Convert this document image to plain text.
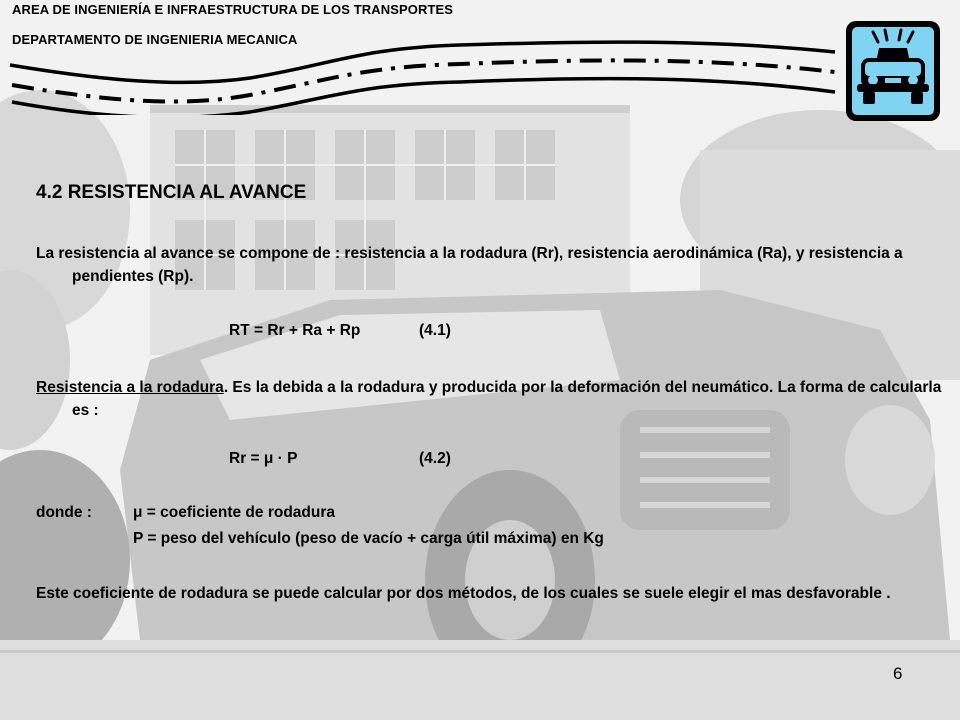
AREA DE INGENIERÍA E INFRAESTRUCTURA DE LOS TRANSPORTES
DEPARTAMENTO DE INGENIERIA MECANICA
4.2 RESISTENCIA AL AVANCE
La resistencia al avance se compone de : resistencia a la rodadura (Rr), resistencia aerodinámica (Ra), y resistencia a pendientes (Rp).
RT = Rr + Ra + Rp	(4.1)
Resistencia a la rodadura. Es la debida a la rodadura y producida por la deformación del neumático. La forma de calcularla es :
Rr = μ · P	(4.2)
donde :	μ = coeficiente de rodadura
P = peso del vehículo (peso de vacío + carga útil máxima) en Kg
Este coeficiente de rodadura se puede calcular por dos métodos, de los cuales se suele elegir el mas desfavorable .
6
